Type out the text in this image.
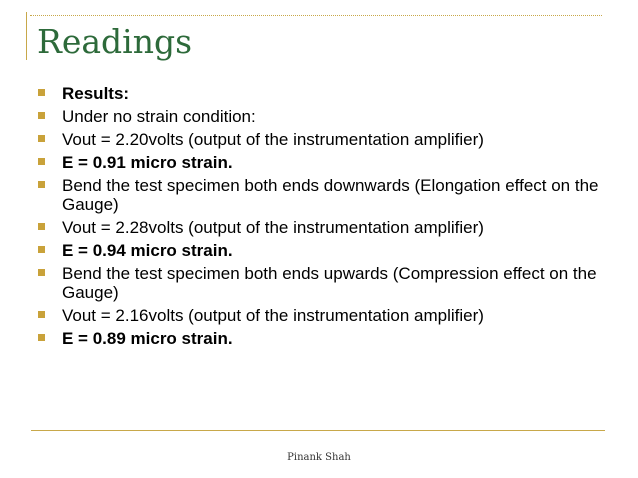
Readings
Results:
Under no strain condition:
Vout = 2.20volts (output of the instrumentation amplifier)
E = 0.91 micro strain.
Bend the test specimen both ends downwards (Elongation effect on the Gauge)
Vout = 2.28volts (output of the instrumentation amplifier)
E = 0.94 micro strain.
Bend the test specimen both ends upwards (Compression effect on the Gauge)
Vout = 2.16volts (output of the instrumentation amplifier)
E = 0.89 micro strain.
Pinank Shah
